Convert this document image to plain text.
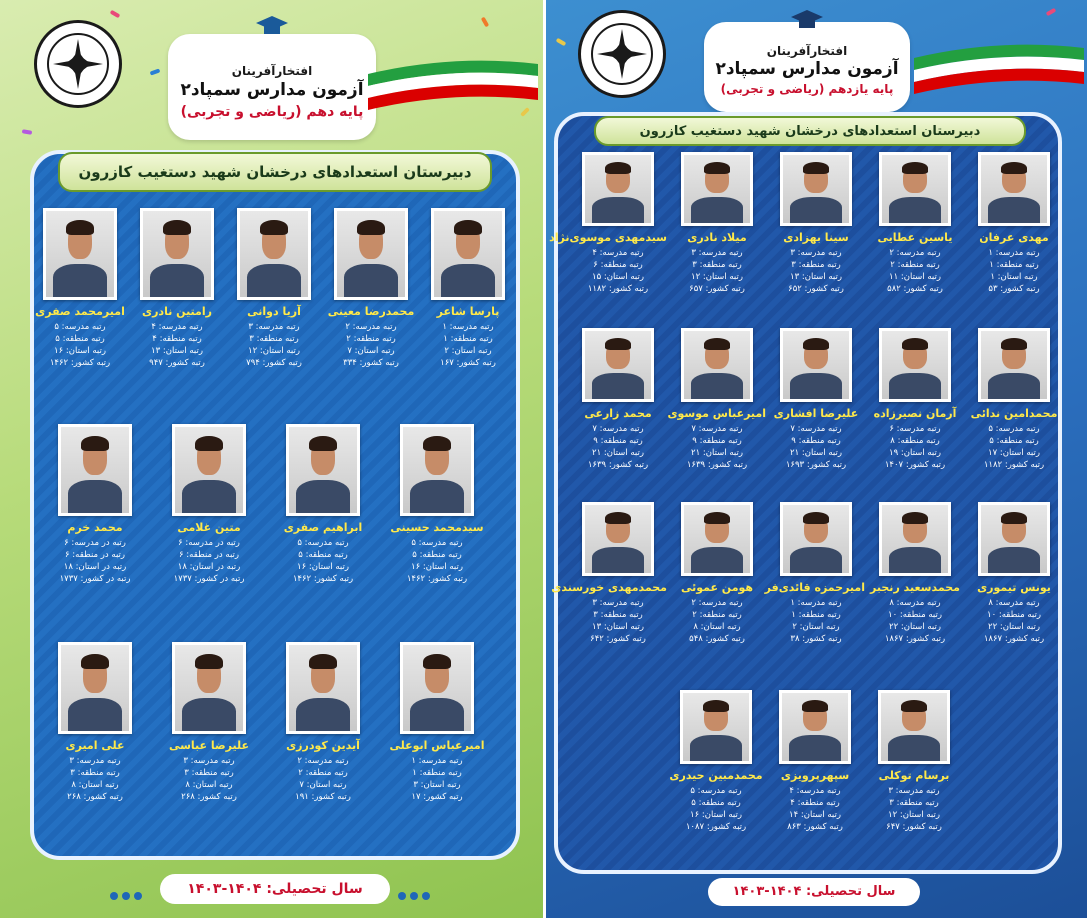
افتخارآفرینان
آزمون مدارس سمپاد۲
پایه دهم (ریاضی و تجربی)
دبیرستان استعدادهای درخشان شهید دستغیب کازرون
پارسا شاعر
رتبه مدرسه: ۱
رتبه منطقه: ۱
رتبه استان: ۲
رتبه کشور: ۱۶۷
محمدرضا معینی
رتبه مدرسه: ۲
رتبه منطقه: ۲
رتبه استان: ۷
رتبه کشور: ۳۳۴
آریا دوانی
رتبه مدرسه: ۳
رتبه منطقه: ۳
رتبه استان: ۱۲
رتبه کشور: ۷۹۴
رامتین نادری
رتبه مدرسه: ۴
رتبه منطقه: ۴
رتبه استان: ۱۳
رتبه کشور: ۹۴۷
امیرمحمد صفری
رتبه مدرسه: ۵
رتبه منطقه: ۵
رتبه استان: ۱۶
رتبه کشور: ۱۴۶۲
سیدمحمد حسینی
رتبه مدرسه: ۵
رتبه منطقه: ۵
رتبه استان: ۱۶
رتبه کشور: ۱۴۶۲
ابراهیم صفری
رتبه مدرسه: ۵
رتبه منطقه: ۵
رتبه استان: ۱۶
رتبه کشور: ۱۴۶۲
متین غلامی
رتبه در مدرسه: ۶
رتبه در منطقه: ۶
رتبه در استان: ۱۸
رتبه در کشور: ۱۷۳۷
محمد خرم
رتبه در مدرسه: ۶
رتبه در منطقه: ۶
رتبه در استان: ۱۸
رتبه در کشور: ۱۷۳۷
امیرعباس ابوعلی
رتبه مدرسه: ۱
رتبه منطقه: ۱
رتبه استان: ۳
رتبه کشور: ۱۷
آیدین کودرزی
رتبه مدرسه: ۲
رتبه منطقه: ۲
رتبه استان: ۷
رتبه کشور: ۱۹۱
علیرضا عباسی
رتبه مدرسه: ۳
رتبه منطقه: ۳
رتبه استان: ۸
رتبه کشور: ۲۶۸
علی امیری
رتبه مدرسه: ۳
رتبه منطقه: ۳
رتبه استان: ۸
رتبه کشور: ۲۶۸
سال تحصیلی: ۱۴۰۴-۱۴۰۳
افتخارآفرینان
آزمون مدارس سمپاد۲
پایه یازدهم (ریاضی و تجربی)
دبیرستان استعدادهای درخشان شهید دستغیب کازرون
مهدی عرفان
رتبه مدرسه: ۱
رتبه منطقه: ۱
رتبه استان: ۱
رتبه کشور: ۵۳
یاسین عطایی
رتبه مدرسه: ۲
رتبه منطقه: ۲
رتبه استان: ۱۱
رتبه کشور: ۵۸۲
سینا بهزادی
رتبه مدرسه: ۳
رتبه منطقه: ۳
رتبه استان: ۱۳
رتبه کشور: ۶۵۲
میلاد نادری
رتبه مدرسه: ۳
رتبه منطقه: ۳
رتبه استان: ۱۲
رتبه کشور: ۶۵۷
سیدمهدی موسوی‌نژاد
رتبه مدرسه: ۴
رتبه منطقه: ۶
رتبه استان: ۱۵
رتبه کشور: ۱۱۸۲
محمدامین ندائی
رتبه مدرسه: ۵
رتبه منطقه: ۵
رتبه استان: ۱۷
رتبه کشور: ۱۱۸۲
آرمان نصیرزاده
رتبه مدرسه: ۶
رتبه منطقه: ۸
رتبه استان: ۱۹
رتبه کشور: ۱۴۰۷
علیرضا افشاری
رتبه مدرسه: ۷
رتبه منطقه: ۹
رتبه استان: ۲۱
رتبه کشور: ۱۶۹۳
امیرعباس موسوی
رتبه مدرسه: ۷
رتبه منطقه: ۹
رتبه استان: ۲۱
رتبه کشور: ۱۶۳۹
محمد زارعی
رتبه مدرسه: ۷
رتبه منطقه: ۹
رتبه استان: ۲۱
رتبه کشور: ۱۶۳۹
یونس تیموری
رتبه مدرسه: ۸
رتبه منطقه: ۱۰
رتبه استان: ۲۲
رتبه کشور: ۱۸۶۷
محمدسعید رنجبر
رتبه مدرسه: ۸
رتبه منطقه: ۱۰
رتبه استان: ۲۲
رتبه کشور: ۱۸۶۷
امیرحمزه قائدی‌فر
رتبه مدرسه: ۱
رتبه منطقه: ۱
رتبه استان: ۲
رتبه کشور: ۳۸
هومن عموئی
رتبه مدرسه: ۲
رتبه منطقه: ۲
رتبه استان: ۸
رتبه کشور: ۵۴۸
محمدمهدی خورسندی
رتبه مدرسه: ۳
رتبه منطقه: ۳
رتبه استان: ۱۳
رتبه کشور: ۶۴۲
برسام توکلی
رتبه مدرسه: ۳
رتبه منطقه: ۳
رتبه استان: ۱۲
رتبه کشور: ۶۴۷
سپهرپرویزی
رتبه مدرسه: ۴
رتبه منطقه: ۴
رتبه استان: ۱۴
رتبه کشور: ۸۶۳
محمدمبین حیدری
رتبه مدرسه: ۵
رتبه منطقه: ۵
رتبه استان: ۱۶
رتبه کشور: ۱۰۸۷
سال تحصیلی: ۱۴۰۴-۱۴۰۳
